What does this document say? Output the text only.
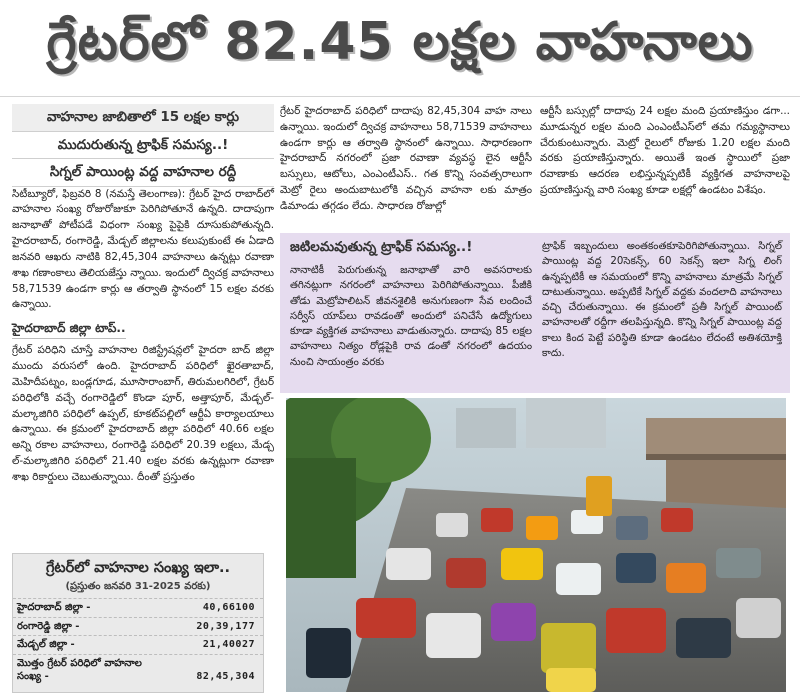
గ్రేటర్‌లో 82.45 లక్షల వాహనాలు
వాహనాల జాబితాలో 15 లక్షల కార్లు
ముదురుతున్న ట్రాఫిక్ సమస్య..!
సిగ్నల్ పాయింట్ల వద్ద వాహనాల రద్దీ

సిటీబ్యూరో, ఫిబ్రవరి 8 (నమస్తే తెలంగాణ): గ్రేటర్ హైద రాబాద్‌లో వాహనాల సంఖ్య రోజురోజుకూ పెరిగిపోతూనే ఉన్నది. దాదాపుగా జనాభాతో పోటీపడే విధంగా సంఖ్య పైపైకి దూసుకుపోతున్నది. హైదరాబాద్, రంగారెడ్డి, మేడ్చల్ జిల్లాలను కలుపుకుంటే ఈ ఏడాది జనవరి ఆఖరు నాటికి 82,45,304 వాహనాలు ఉన్నట్లు రవాణా శాఖ గణాంకాలు తెలియజేస్తు న్నాయి. ఇందులో ద్విచక్ర వాహనాలు 58,71539 ఉండగా కార్లు ఆ తర్వాతి స్థానంలో 15 లక్షల వరకు ఉన్నాయి.

హైదరాబాద్ జిల్లా టాప్..

గ్రేటర్ పరిధిని చూస్తే వాహనాల రిజిస్ట్రేషన్లలో హైదరా బాద్ జిల్లా ముందు వరుసలో ఉంది. హైదరాబాద్ పరిధిలో ఖైరతాబాద్, మెహిదీపట్నం, బండ్లగూడ, మూసారాంబాగ్, తిరుమలగిరిలో, గ్రేటర్ పరిధిలోకి వచ్చే రంగారెడ్డిలో కొండా పూర్, అత్తాపూర్, మేడ్చల్-మల్కాజిగిరి పరిధిలో ఉప్పల్, కూకట్‌పల్లిలో ఆర్టీఏ కార్యాలయాలు ఉన్నాయి. ఈ క్రమంలో హైదరాబాద్ జిల్లా పరిధిలో 40.66 లక్షల అన్ని రకాల వాహనాలు, రంగారెడ్డి పరిధిలో 20.39 లక్షలు, మేడ్చ ల్-మల్కాజిగిరి పరిధిలో 21.40 లక్షల వరకు ఉన్నట్లుగా రవాణా శాఖ రికార్డులు చెబుతున్నాయి. దీంతో ప్రస్తుతం

గ్రేటర్‌లో వాహనాల సంఖ్య ఇలా..
(ప్రస్తుతం జనవరి 31-2025 వరకు)
హైదరాబాద్ జిల్లా -	40,66100
రంగారెడ్డి జిల్లా -	20,39,177
మేడ్చల్ జిల్లా -	21,40027
మొత్తం గ్రేటర్ పరిధిలో వాహనాల సంఖ్య -	82,45,304

గ్రేటర్ హైదరాబాద్ పరిధిలో దాదాపు 82,45,304 వాహ నాలు ఉన్నాయి. ఇందులో ద్విచక్ర వాహనాలు 58,71539 వాహనాలు ఉండగా కార్లు ఆ తర్వాతి స్థానంలో ఉన్నాయి. సాధారణంగా హైదరాబాద్ నగరంలో ప్రజా రవాణా వ్యవస్థ లైన ఆర్టీసీ బస్సులు, ఆటోలు, ఎంఎంటీఎస్.. గత కొన్ని సంవత్సరాలుగా మెట్రో రైలు అందుబాటులోకి వచ్చిన వాహనా లకు మాత్రం డిమాండు తగ్గడం లేదు. సాధారణ రోజుల్లో

ఆర్టీసీ బస్సుల్లో దాదాపు 24 లక్షల మంది ప్రయాణిస్తుం డగా... మూడున్నర లక్షల మంది ఎంఎంటీఎస్‌లో తమ గమ్యస్థానాలు చేరుకుంటున్నారు. మెట్రో రైలులో రోజుకు 1.20 లక్షల మంది వరకు ప్రయాణిస్తున్నారు. అయితే ఇంత స్థాయిలో ప్రజా రవాణాకు ఆదరణ లభిస్తున్నప్పటికీ వ్యక్తిగత వాహనాలపై ప్రయాణిస్తున్న వారి సంఖ్య కూడా లక్షల్లో ఉండటం విశేషం.

జటిలమవుతున్న ట్రాఫిక్ సమస్య..!
నానాటికీ పెరుగుతున్న జనాభాతో వారి అవసరాలకు తగినట్లుగా నగరంలో వాహనాలు పెరిగిపోతున్నాయి. పీజీకి తోడు మెట్రోపాలిటన్ జీవనశైలికి అనుగుణంగా సేవ లందించే సర్వీస్ యాప్‌లు రావడంతో అందులో పనిచేసే ఉద్యోగులు కూడా వ్యక్తిగత వాహనాలు వాడుతున్నారు. దాదాపు 85 లక్షల వాహనాలు నిత్యం రోడ్లపైకి రావ డంతో నగరంలో ఉదయం నుంచి సాయంత్రం వరకు
ట్రాఫిక్ ఇబ్బందులు అంతకంతకూపెరిగిపోతున్నాయి. సిగ్నల్ పాయింట్ల వద్ద 20సెకన్స్, 60 సెకన్స్ ఇలా సిగ్న లింగ్ ఉన్నప్పటికీ ఆ సమయంలో కొన్ని వాహనాలు మాత్రమే సిగ్నల్ దాటుతున్నాయి. అప్పటికే సిగ్నల్ వద్దకు వందలాది వాహనాలు వచ్చి చేరుతున్నాయి. ఈ క్రమంలో ప్రతీ సిగ్నల్ పాయింట్ వాహనాలతో రద్దీగా తలపిస్తున్నది. కొన్ని సిగ్నల్ పాయింట్ల వద్ద కాలు కింద పెట్టే పరిస్థితి కూడా ఉండటం లేదంటే అతిశయోక్తి కాదు.
